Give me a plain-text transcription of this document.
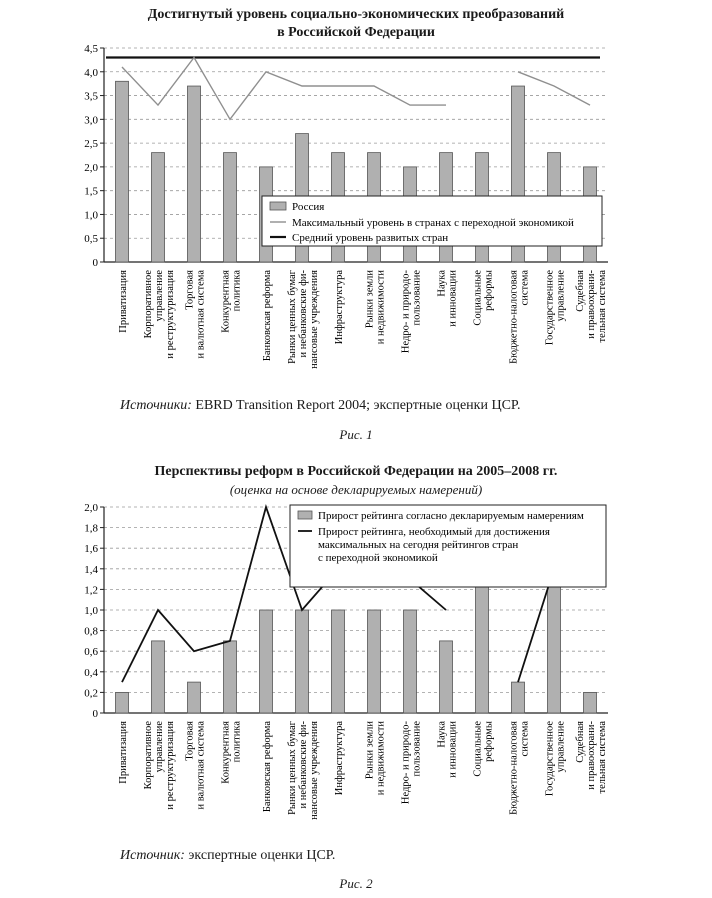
Достигнутый уровень социально-экономических преобразований
в Российской Федерации
0
0,5
1,0
1,5
2,0
2,5
3,0
3,5
4,0
4,5
Приватизация Корпоративное управление и реструктуризация Торговая и валютная система Конкурентная политика Банковская реформа Рынки ценных бумаг и небанковские фи- нансовые учреждения Инфраструктура Рынки земли и недвижимости Недро- и природо- пользование Наука и инновации Социальные реформы Бюджетно-налоговая система Государственное управление Судебная и правоохрани- тельная система
Россия
Максимальный уровень в странах с переходной экономикой
Средний уровень развитых стран
Источники: EBRD Transition Report 2004; экспертные оценки ЦСР.
Рис. 1
Перспективы реформ в Российской Федерации на 2005–2008 гг.
(оценка на основе декларируемых намерений)
0
0,2
0,4
0,6
0,8
1,0
1,2
1,4
1,6
1,8
2,0
Приватизация Корпоративное управление и реструктуризация Торговая и валютная система Конкурентная политика Банковская реформа Рынки ценных бумаг и небанковские фи- нансовые учреждения Инфраструктура Рынки земли и недвижимости Недро- и природо- пользование Наука и инновации Социальные реформы Бюджетно-налоговая система Государственное управление Судебная и правоохрани- тельная система
Прирост рейтинга согласно декларируемым намерениям
Прирост рейтинга, необходимый для достижения
максимальных на сегодня рейтингов стран
с переходной экономикой
Источник: экспертные оценки ЦСР.
Рис. 2
